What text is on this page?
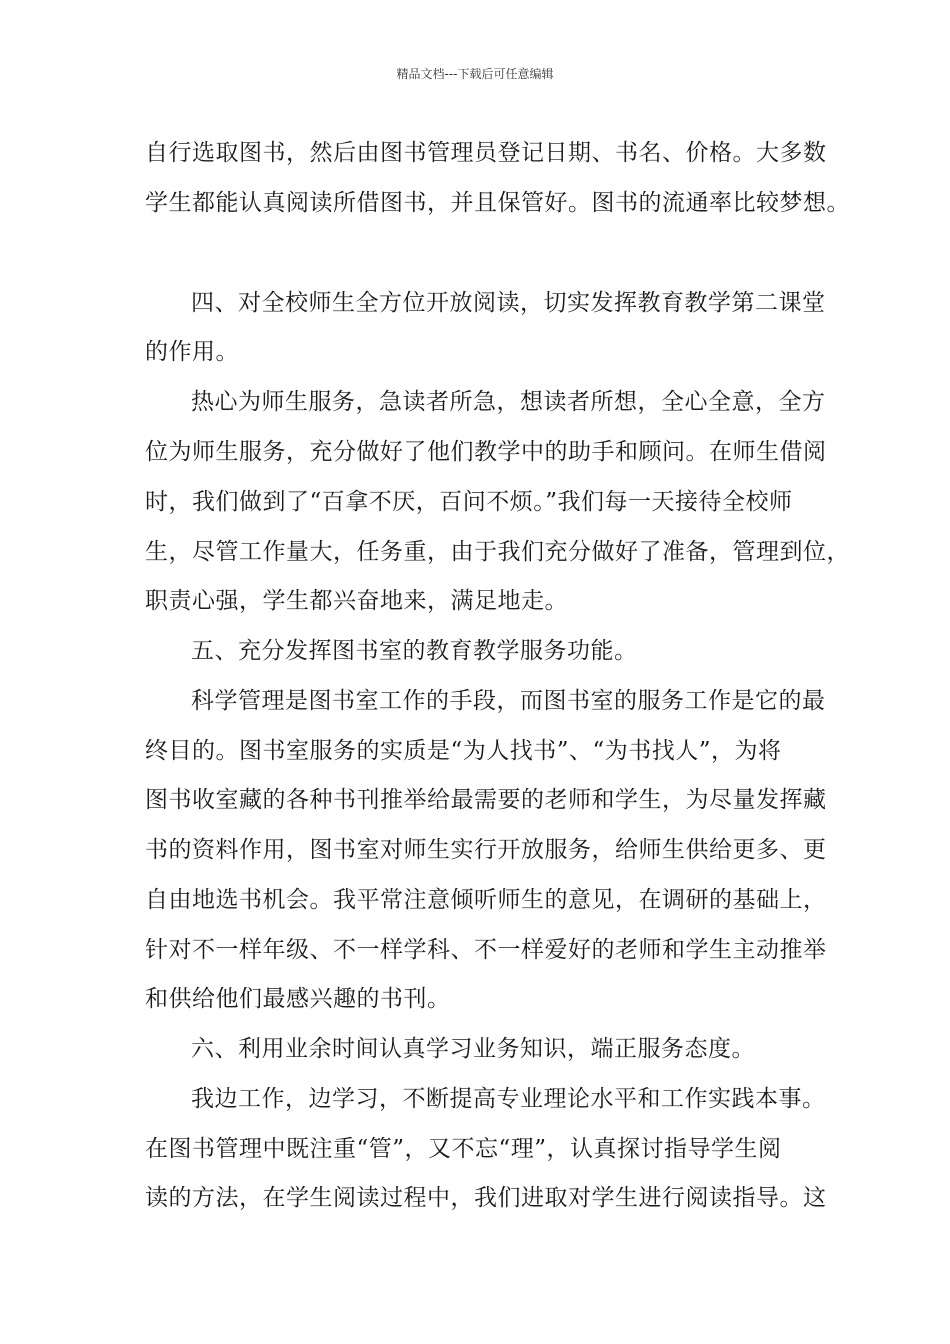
精品文档---下载后可任意编辑
自行选取图书，然后由图书管理员登记日期、书名、价格。大多数
学生都能认真阅读所借图书，并且保管好。图书的流通率比较梦想。
四、对全校师生全方位开放阅读，切实发挥教育教学第二课堂
的作用。
热心为师生服务，急读者所急，想读者所想，全心全意，全方
位为师生服务，充分做好了他们教学中的助手和顾问。在师生借阅
时，我们做到了“百拿不厌，百问不烦。”我们每一天接待全校师
生，尽管工作量大，任务重，由于我们充分做好了准备，管理到位，
职责心强，学生都兴奋地来，满足地走。
五、充分发挥图书室的教育教学服务功能。
科学管理是图书室工作的手段，而图书室的服务工作是它的最
终目的。图书室服务的实质是“为人找书”、“为书找人”，为将
图书收室藏的各种书刊推举给最需要的老师和学生，为尽量发挥藏
书的资料作用，图书室对师生实行开放服务，给师生供给更多、更
自由地选书机会。我平常注意倾听师生的意见，在调研的基础上，
针对不一样年级、不一样学科、不一样爱好的老师和学生主动推举
和供给他们最感兴趣的书刊。
六、利用业余时间认真学习业务知识，端正服务态度。
我边工作，边学习，不断提高专业理论水平和工作实践本事。
在图书管理中既注重“管”，又不忘“理”，认真探讨指导学生阅
读的方法，在学生阅读过程中，我们进取对学生进行阅读指导。这
